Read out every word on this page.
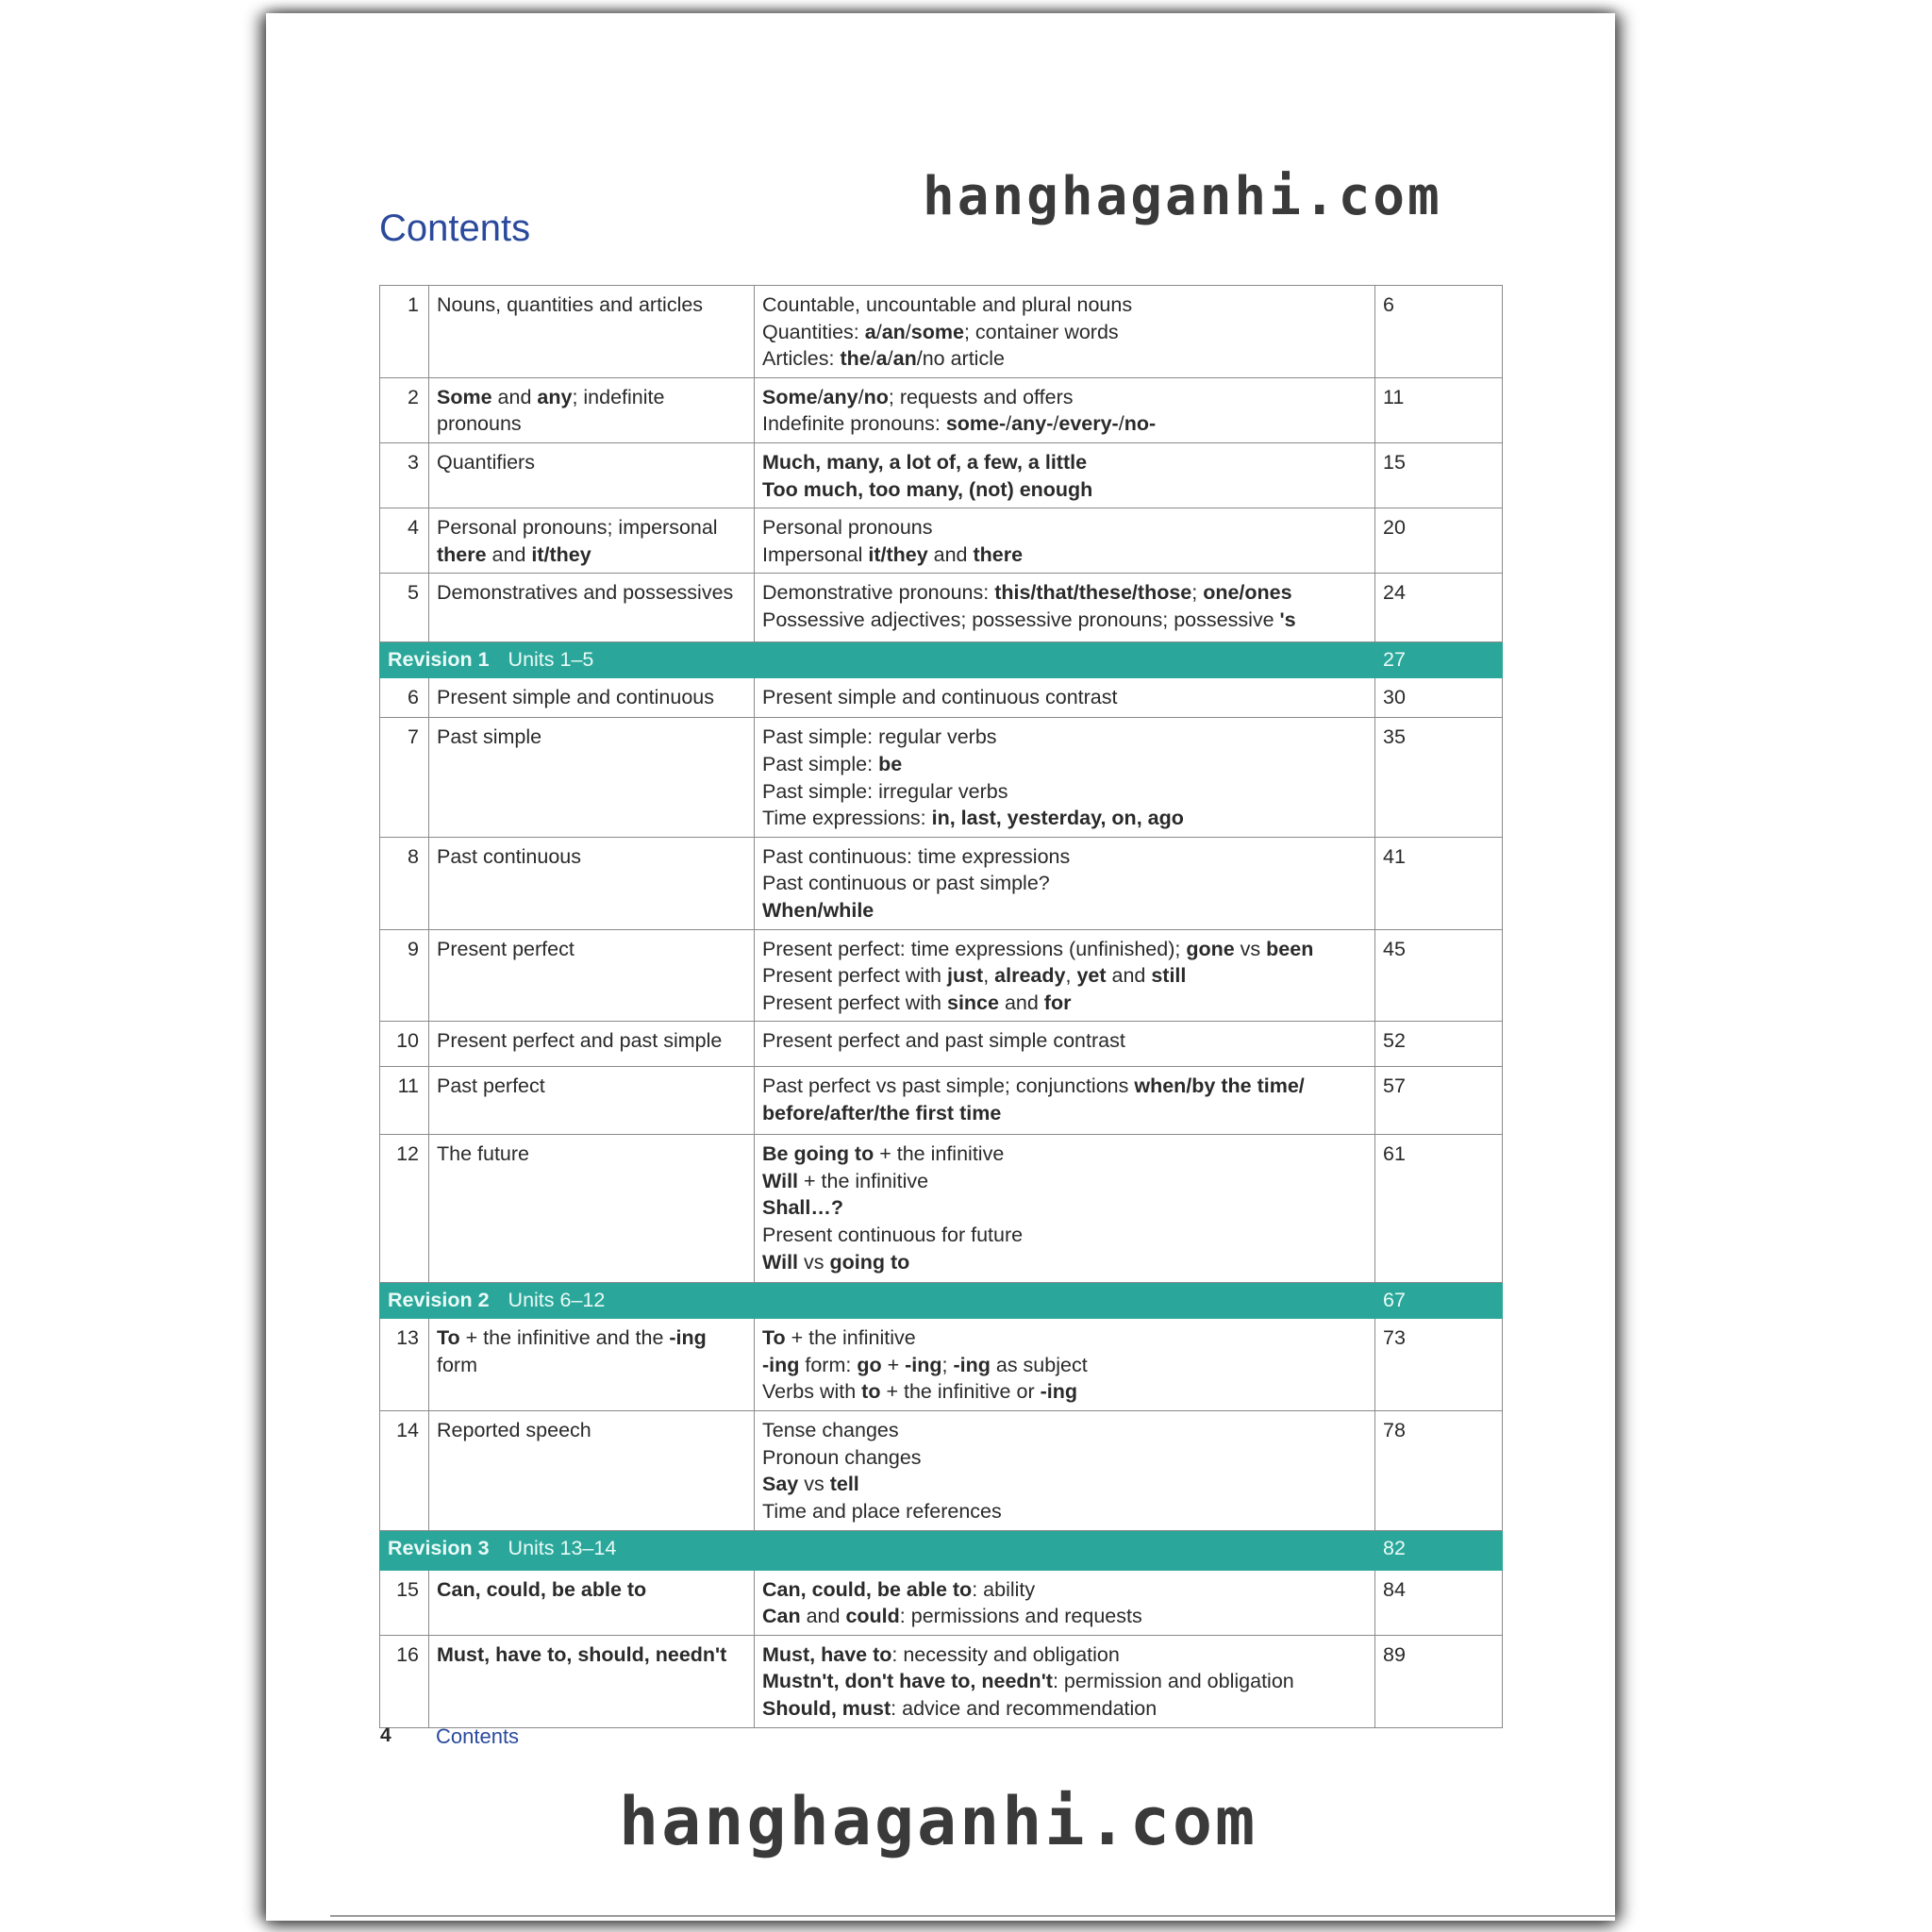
hanghaganhi.com
Contents
1	Nouns, quantities and articles	Countable, uncountable and plural nouns
Quantities: a/an/some; container words
Articles: the/a/an/no article	6
2	Some and any; indefinite
pronouns	Some/any/no; requests and offers
Indefinite pronouns: some-/any-/every-/no-	11
3	Quantifiers	Much, many, a lot of, a few, a little
Too much, too many, (not) enough	15
4	Personal pronouns; impersonal
there and it/they	Personal pronouns
Impersonal it/they and there	20
5	Demonstratives and possessives	Demonstrative pronouns: this/that/these/those; one/ones
Possessive adjectives; possessive pronouns; possessive 's	24
Revision 1 Units 1–5			27
6	Present simple and continuous	Present simple and continuous contrast	30
7	Past simple	Past simple: regular verbs
Past simple: be
Past simple: irregular verbs
Time expressions: in, last, yesterday, on, ago	35
8	Past continuous	Past continuous: time expressions
Past continuous or past simple?
When/while	41
9	Present perfect	Present perfect: time expressions (unfinished); gone vs been
Present perfect with just, already, yet and still
Present perfect with since and for	45
10	Present perfect and past simple	Present perfect and past simple contrast	52
11	Past perfect	Past perfect vs past simple; conjunctions when/by the time/
before/after/the first time	57
12	The future	Be going to + the infinitive
Will + the infinitive
Shall…?
Present continuous for future
Will vs going to	61
Revision 2 Units 6–12			67
13	To + the infinitive and the -ing
form	To + the infinitive
-ing form: go + -ing; -ing as subject
Verbs with to + the infinitive or -ing	73
14	Reported speech	Tense changes
Pronoun changes
Say vs tell
Time and place references	78
Revision 3 Units 13–14			82
15	Can, could, be able to	Can, could, be able to: ability
Can and could: permissions and requests	84
16	Must, have to, should, needn't	Must, have to: necessity and obligation
Mustn't, don't have to, needn't: permission and obligation
Should, must: advice and recommendation	89
4 Contents
hanghaganhi.com
